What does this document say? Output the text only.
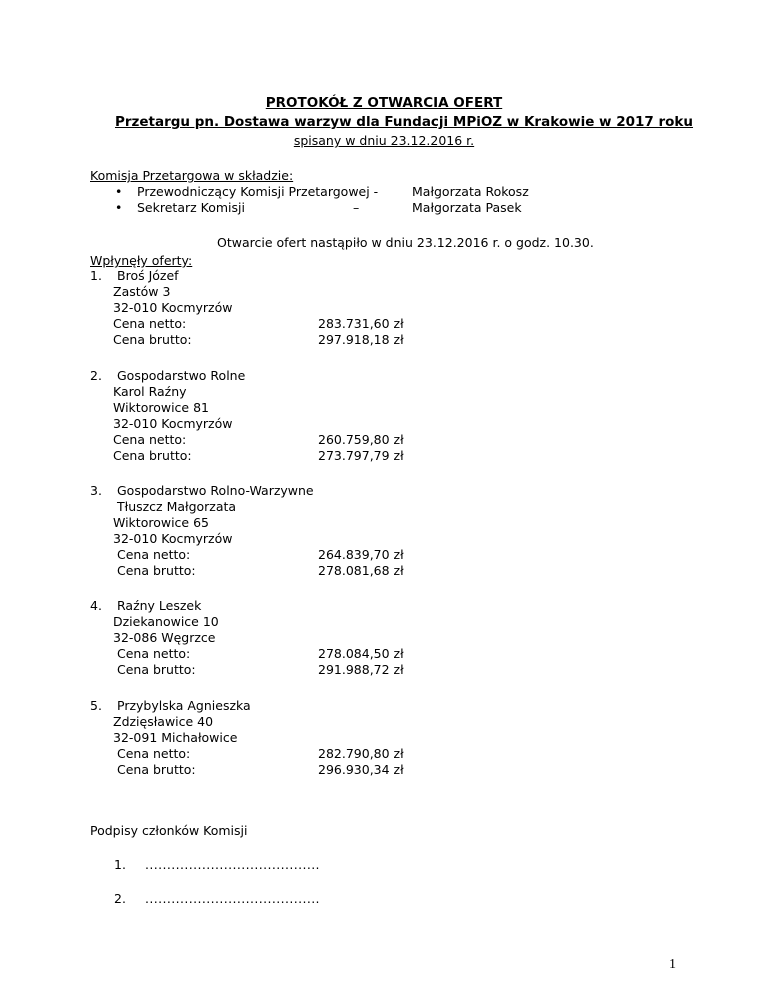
PROTOKÓŁ Z OTWARCIA OFERT
Przetargu pn. Dostawa warzyw dla Fundacji MPiOZ w Krakowie w 2017 roku
spisany w dniu 23.12.2016 r.
Komisja Przetargowa w składzie:
• Przewodniczący Komisji Przetargowej -	Małgorzata Rokosz
• Sekretarz Komisji	–	Małgorzata Pasek
Otwarcie ofert nastąpiło w dniu 23.12.2016 r. o godz. 10.30.
Wpłynęły oferty:
1. Broś Józef
Zastów 3
32-010 Kocmyrzów
Cena netto:	283.731,60 zł
Cena brutto:	297.918,18 zł
2. Gospodarstwo Rolne
Karol Raźny
Wiktorowice 81
32-010 Kocmyrzów
Cena netto:	260.759,80 zł
Cena brutto:	273.797,79 zł
3. Gospodarstwo Rolno-Warzywne
Tłuszcz Małgorzata
Wiktorowice 65
32-010 Kocmyrzów
Cena netto:	264.839,70 zł
Cena brutto:	278.081,68 zł
4. Raźny Leszek
Dziekanowice 10
32-086 Węgrzce
Cena netto:	278.084,50 zł
Cena brutto:	291.988,72 zł
5. Przybylska Agnieszka
Zdzięsławice 40
32-091 Michałowice
Cena netto:	282.790,80 zł
Cena brutto:	296.930,34 zł
Podpisy członków Komisji
1. ........................................
2. ........................................
1
